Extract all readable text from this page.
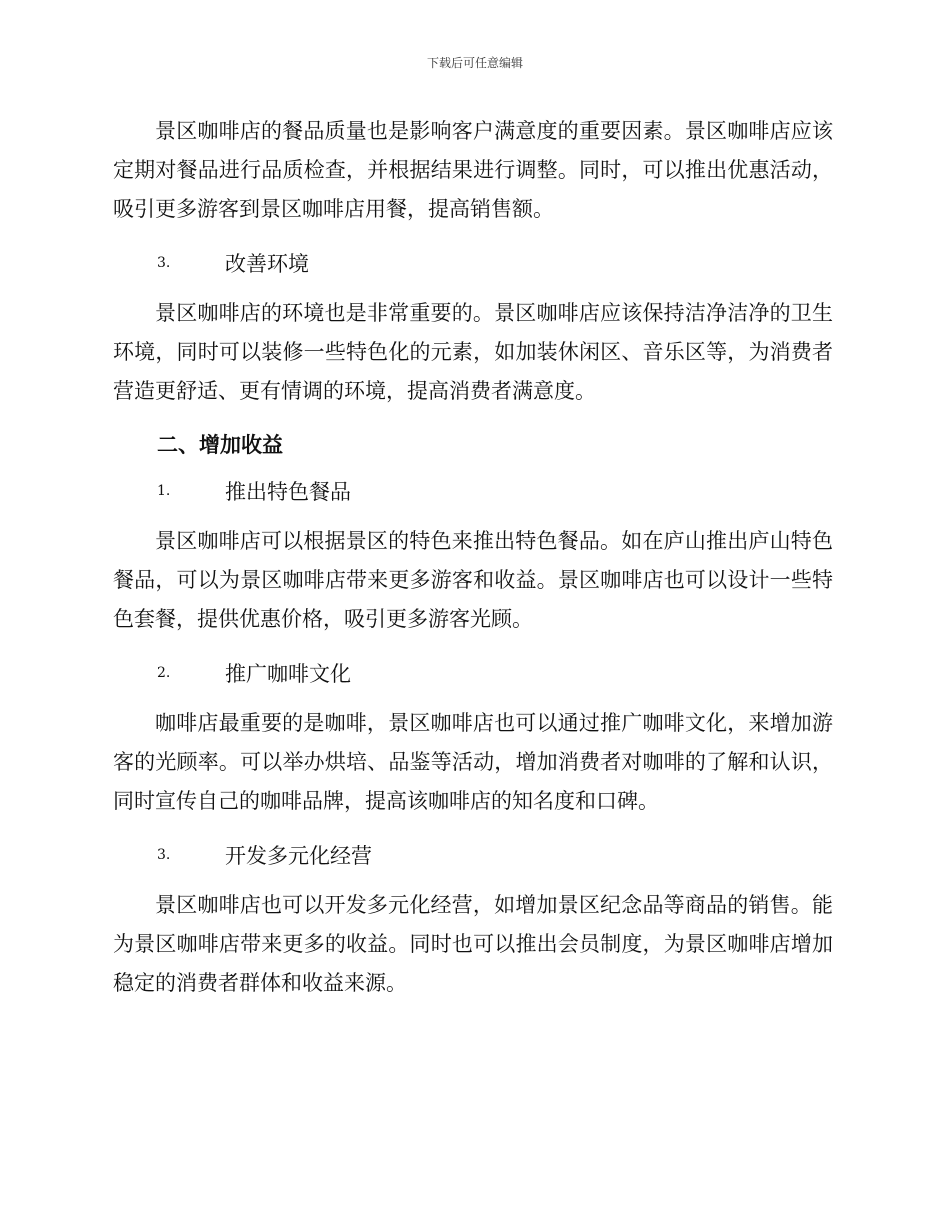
下载后可任意编辑

景区咖啡店的餐品质量也是影响客户满意度的重要因素。景区咖啡店应该定期对餐品进行品质检查，并根据结果进行调整。同时，可以推出优惠活动，吸引更多游客到景区咖啡店用餐，提高销售额。

3.	改善环境

景区咖啡店的环境也是非常重要的。景区咖啡店应该保持洁净洁净的卫生环境，同时可以装修一些特色化的元素，如加装休闲区、音乐区等，为消费者营造更舒适、更有情调的环境，提高消费者满意度。

二、增加收益
1.	推出特色餐品

景区咖啡店可以根据景区的特色来推出特色餐品。如在庐山推出庐山特色餐品，可以为景区咖啡店带来更多游客和收益。景区咖啡店也可以设计一些特色套餐，提供优惠价格，吸引更多游客光顾。

2.	推广咖啡文化

咖啡店最重要的是咖啡，景区咖啡店也可以通过推广咖啡文化，来增加游客的光顾率。可以举办烘培、品鉴等活动，增加消费者对咖啡的了解和认识，同时宣传自己的咖啡品牌，提高该咖啡店的知名度和口碑。

3.	开发多元化经营

景区咖啡店也可以开发多元化经营，如增加景区纪念品等商品的销售。能为景区咖啡店带来更多的收益。同时也可以推出会员制度，为景区咖啡店增加稳定的消费者群体和收益来源。
